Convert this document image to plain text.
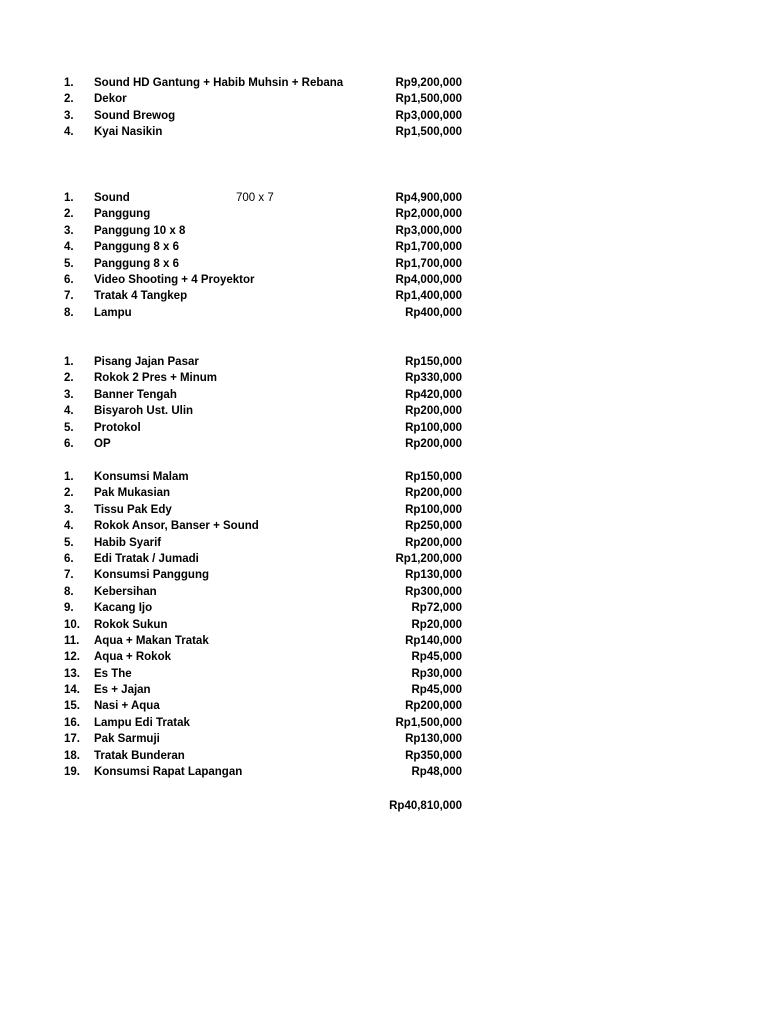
1. Sound HD Gantung + Habib Muhsin + Rebana	Rp9,200,000
2. Dekor	Rp1,500,000
3. Sound Brewog	Rp3,000,000
4. Kyai Nasikin	Rp1,500,000
1. Sound	700 x 7	Rp4,900,000
2. Panggung	Rp2,000,000
3. Panggung 10 x 8	Rp3,000,000
4. Panggung 8 x 6	Rp1,700,000
5. Panggung 8 x 6	Rp1,700,000
6. Video Shooting + 4 Proyektor	Rp4,000,000
7. Tratak 4 Tangkep	Rp1,400,000
8. Lampu	Rp400,000
1. Pisang Jajan Pasar	Rp150,000
2. Rokok 2 Pres + Minum	Rp330,000
3. Banner Tengah	Rp420,000
4. Bisyaroh Ust. Ulin	Rp200,000
5. Protokol	Rp100,000
6. OP	Rp200,000
1. Konsumsi Malam	Rp150,000
2. Pak Mukasian	Rp200,000
3. Tissu Pak Edy	Rp100,000
4. Rokok Ansor, Banser + Sound	Rp250,000
5. Habib Syarif	Rp200,000
6. Edi Tratak / Jumadi	Rp1,200,000
7. Konsumsi Panggung	Rp130,000
8. Kebersihan	Rp300,000
9. Kacang Ijo	Rp72,000
10. Rokok Sukun	Rp20,000
11. Aqua + Makan Tratak	Rp140,000
12. Aqua + Rokok	Rp45,000
13. Es The	Rp30,000
14. Es + Jajan	Rp45,000
15. Nasi + Aqua	Rp200,000
16. Lampu Edi Tratak	Rp1,500,000
17. Pak Sarmuji	Rp130,000
18. Tratak Bunderan	Rp350,000
19. Konsumsi Rapat Lapangan	Rp48,000
Rp40,810,000
